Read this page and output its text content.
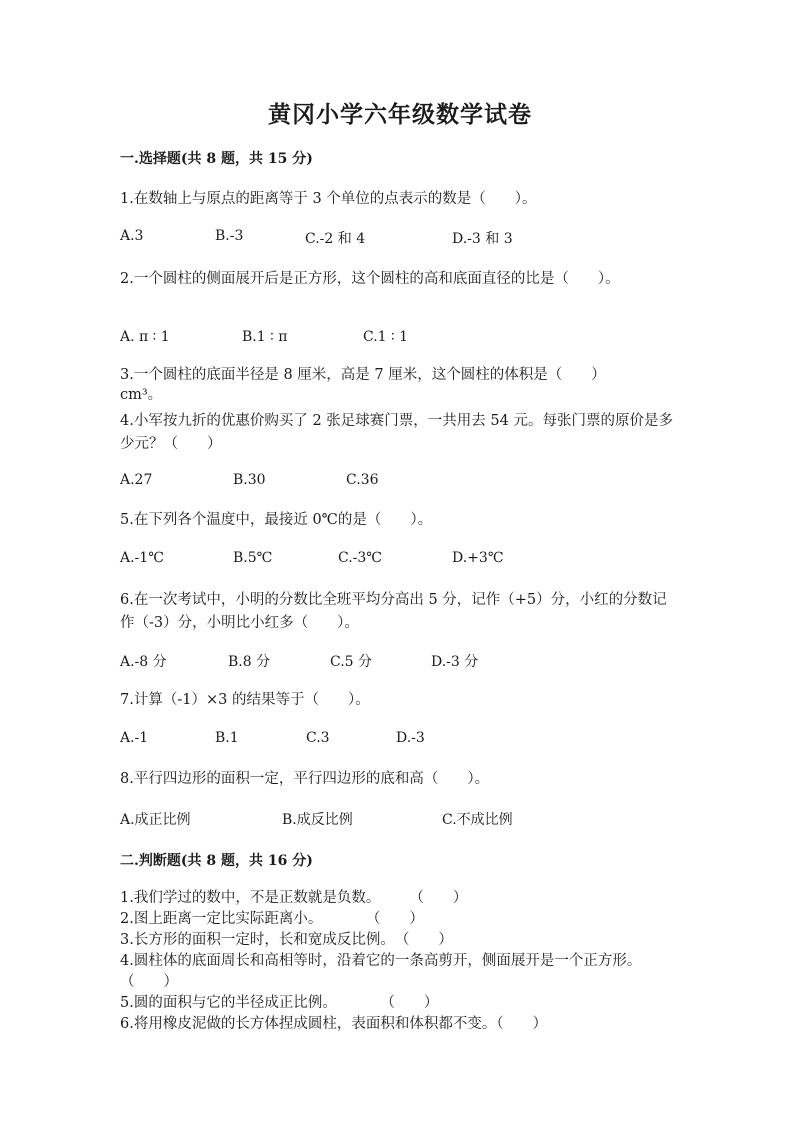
黄冈小学六年级数学试卷
一.选择题(共 8 题，共 15 分)
1.在数轴上与原点的距离等于 3 个单位的点表示的数是（　　）。
A.3	B.-3	C.-2 和 4	D.-3 和 3
2.一个圆柱的侧面展开后是正方形，这个圆柱的高和底面直径的比是（　　）。
A. π ∶ 1	B.1 ∶ π	C.1 ∶ 1
3.一个圆柱的底面半径是 8 厘米，高是 7 厘米，这个圆柱的体积是（　　）cm³。
4.小军按九折的优惠价购买了 2 张足球赛门票，一共用去 54 元。每张门票的原价是多少元？（　　）
A.27	B.30	C.36
5.在下列各个温度中，最接近 0℃的是（　　）。
A.-1℃	B.5℃	C.-3℃	D.+3℃
6.在一次考试中，小明的分数比全班平均分高出 5 分，记作（+5）分，小红的分数记作（-3）分，小明比小红多（　　）。
A.-8 分	B.8 分	C.5 分	D.-3 分
7.计算（-1）×3 的结果等于（　　）。
A.-1	B.1	C.3	D.-3
8.平行四边形的面积一定，平行四边形的底和高（　　）。
A.成正比例	B.成反比例	C.不成比例
二.判断题(共 8 题，共 16 分)
1.我们学过的数中，不是正数就是负数。　　　（　　）
2.图上距离一定比实际距离小。　　　　（　　）
3.长方形的面积一定时，长和宽成反比例。　（　　）
4.圆柱体的底面周长和高相等时，沿着它的一条高剪开，侧面展开是一个正方形。（　　）
5.圆的面积与它的半径成正比例。　　　　（　　）
6.将用橡皮泥做的长方体捏成圆柱，表面积和体积都不变。（　　）
